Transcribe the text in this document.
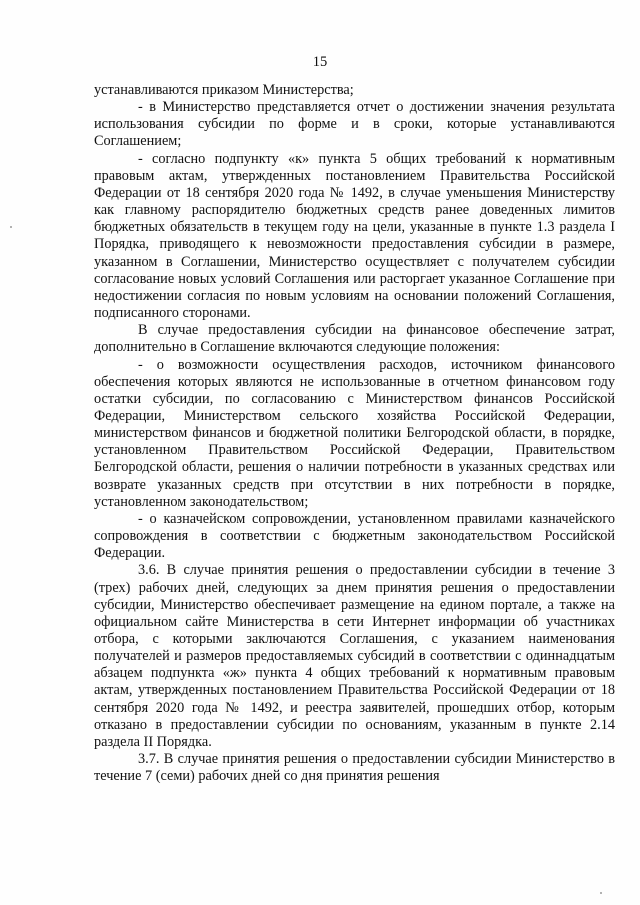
15

устанавливаются приказом Министерства;

- в Министерство представляется отчет о достижении значения результата использования субсидии по форме и в сроки, которые устанавливаются Соглашением;

- согласно подпункту «к» пункта 5 общих требований к нормативным правовым актам, утвержденных постановлением Правительства Российской Федерации от 18 сентября 2020 года № 1492, в случае уменьшения Министерству как главному распорядителю бюджетных средств ранее доведенных лимитов бюджетных обязательств в текущем году на цели, указанные в пункте 1.3 раздела I Порядка, приводящего к невозможности предоставления субсидии в размере, указанном в Соглашении, Министерство осуществляет с получателем субсидии согласование новых условий Соглашения или расторгает указанное Соглашение при недостижении согласия по новым условиям на основании положений Соглашения, подписанного сторонами.

В случае предоставления субсидии на финансовое обеспечение затрат, дополнительно в Соглашение включаются следующие положения:

- о возможности осуществления расходов, источником финансового обеспечения которых являются не использованные в отчетном финансовом году остатки субсидии, по согласованию с Министерством финансов Российской Федерации, Министерством сельского хозяйства Российской Федерации, министерством финансов и бюджетной политики Белгородской области, в порядке, установленном Правительством Российской Федерации, Правительством Белгородской области, решения о наличии потребности в указанных средствах или возврате указанных средств при отсутствии в них потребности в порядке, установленном законодательством;

- о казначейском сопровождении, установленном правилами казначейского сопровождения в соответствии с бюджетным законодательством Российской Федерации.

3.6. В случае принятия решения о предоставлении субсидии в течение 3 (трех) рабочих дней, следующих за днем принятия решения о предоставлении субсидии, Министерство обеспечивает размещение на едином портале, а также на официальном сайте Министерства в сети Интернет информации об участниках отбора, с которыми заключаются Соглашения, с указанием наименования получателей и размеров предоставляемых субсидий в соответствии с одиннадцатым абзацем подпункта «ж» пункта 4 общих требований к нормативным правовым актам, утвержденных постановлением Правительства Российской Федерации от 18 сентября 2020 года № 1492, и реестра заявителей, прошедших отбор, которым отказано в предоставлении субсидии по основаниям, указанным в пункте 2.14 раздела II Порядка.

3.7. В случае принятия решения о предоставлении субсидии Министерство в течение 7 (семи) рабочих дней со дня принятия решения
